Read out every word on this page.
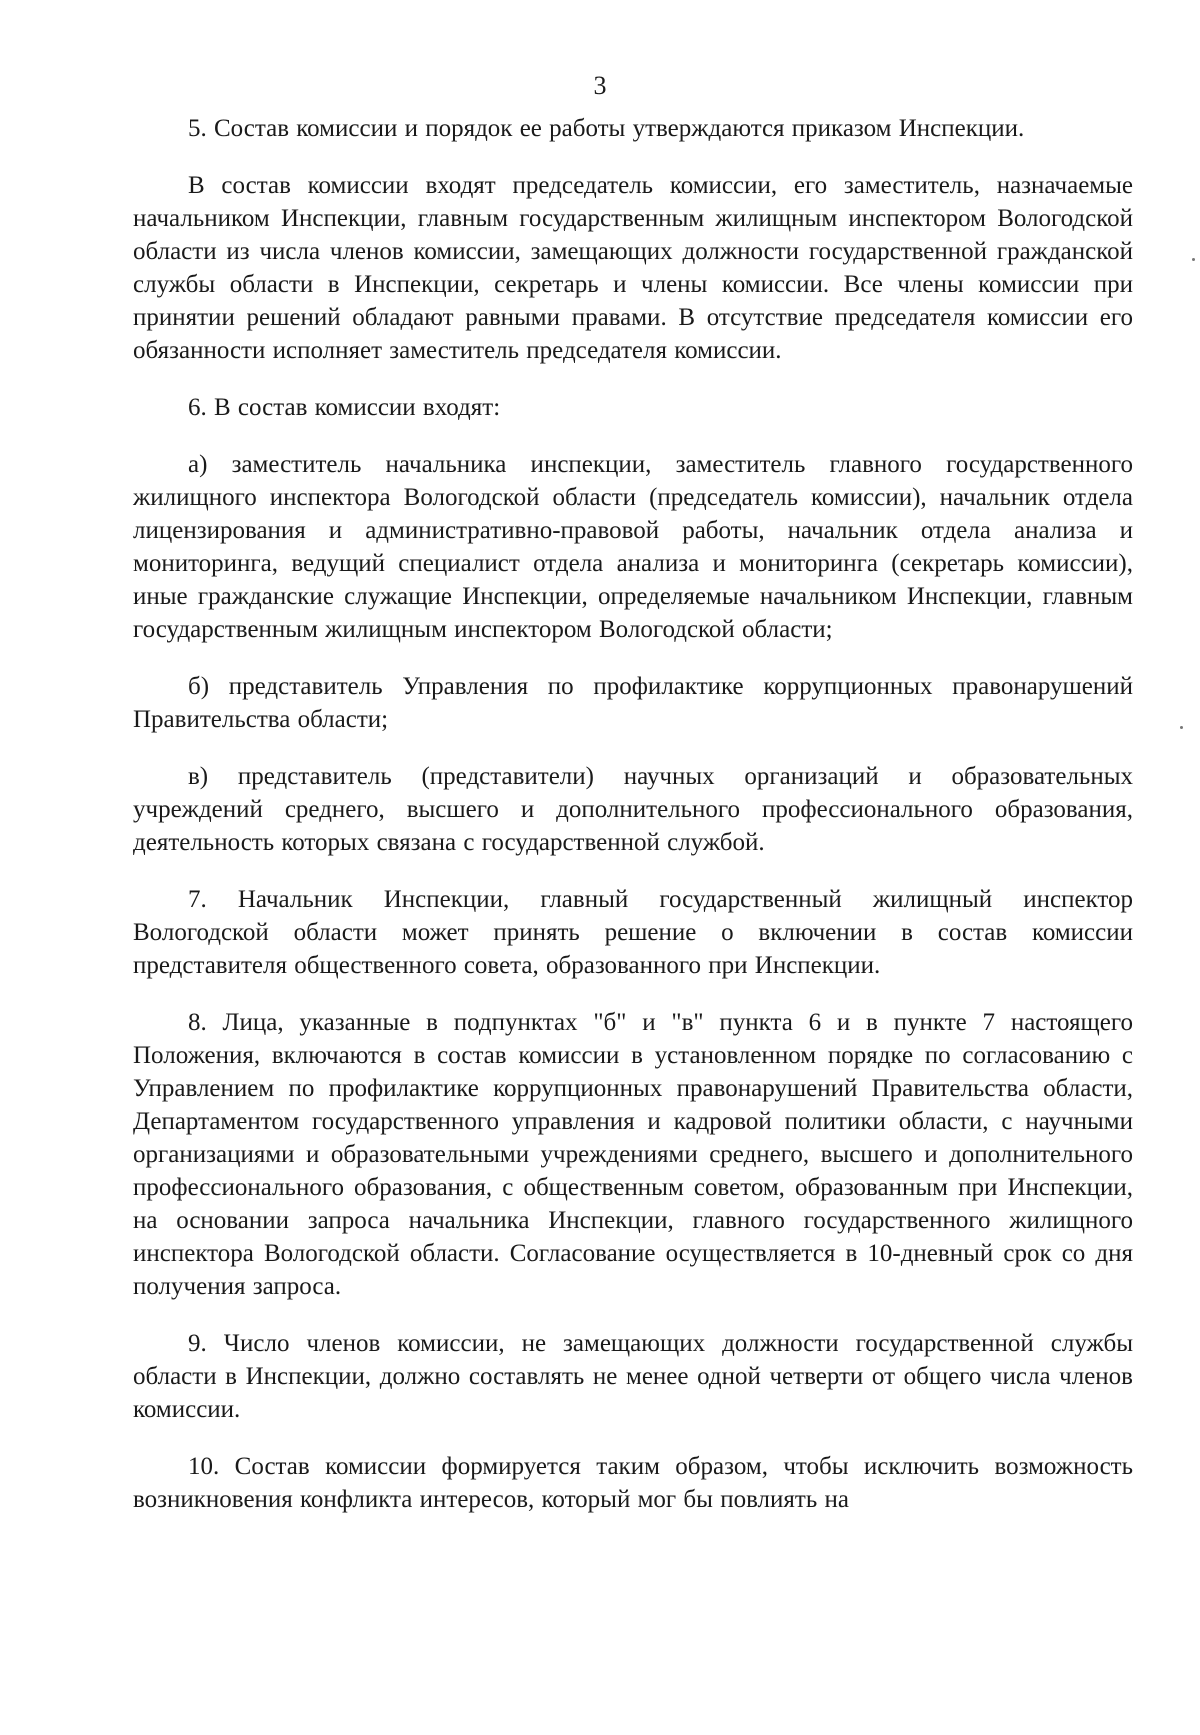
3

5. Состав комиссии и порядок ее работы утверждаются приказом Инспекции.

В состав комиссии входят председатель комиссии, его заместитель, назначаемые начальником Инспекции, главным государственным жилищным инспектором Вологодской области из числа членов комиссии, замещающих должности государственной гражданской службы области в Инспекции, секретарь и члены комиссии. Все члены комиссии при принятии решений обладают равными правами. В отсутствие председателя комиссии его обязанности исполняет заместитель председателя комиссии.

6. В состав комиссии входят:

а) заместитель начальника инспекции, заместитель главного государственного жилищного инспектора Вологодской области (председатель комиссии), начальник отдела лицензирования и административно-правовой работы, начальник отдела анализа и мониторинга, ведущий специалист отдела анализа и мониторинга (секретарь комиссии), иные гражданские служащие Инспекции, определяемые начальником Инспекции, главным государственным жилищным инспектором Вологодской области;

б) представитель Управления по профилактике коррупционных правонарушений Правительства области;

в) представитель (представители) научных организаций и образовательных учреждений среднего, высшего и дополнительного профессионального образования, деятельность которых связана с государственной службой.

7. Начальник Инспекции, главный государственный жилищный инспектор Вологодской области может принять решение о включении в состав комиссии представителя общественного совета, образованного при Инспекции.

8. Лица, указанные в подпунктах "б" и "в" пункта 6 и в пункте 7 настоящего Положения, включаются в состав комиссии в установленном порядке по согласованию с Управлением по профилактике коррупционных правонарушений Правительства области, Департаментом государственного управления и кадровой политики области, с научными организациями и образовательными учреждениями среднего, высшего и дополнительного профессионального образования, с общественным советом, образованным при Инспекции, на основании запроса начальника Инспекции, главного государственного жилищного инспектора Вологодской области. Согласование осуществляется в 10-дневный срок со дня получения запроса.

9. Число членов комиссии, не замещающих должности государственной службы области в Инспекции, должно составлять не менее одной четверти от общего числа членов комиссии.

10. Состав комиссии формируется таким образом, чтобы исключить возможность возникновения конфликта интересов, который мог бы повлиять на
